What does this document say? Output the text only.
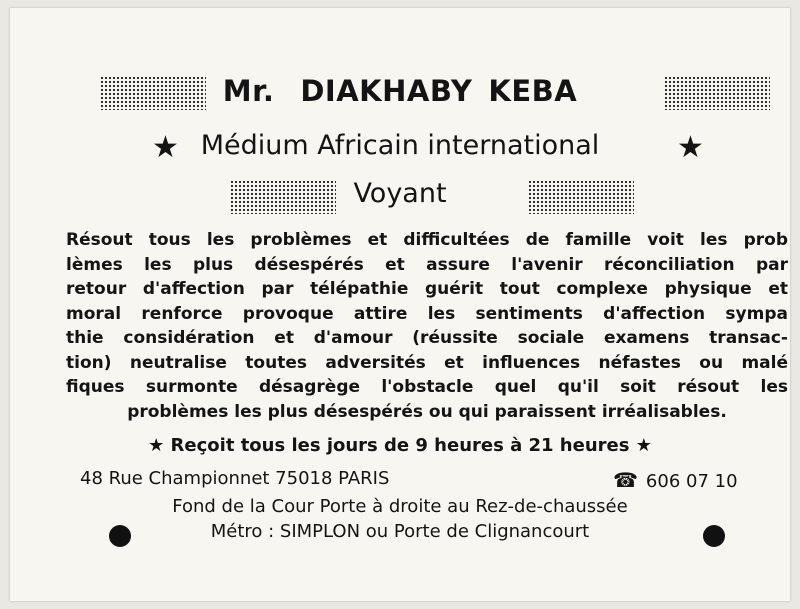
Mr. DIAKHABY KEBA
★	★
Médium Africain international
Voyant
Résout tous les problèmes et difficultées de famille voit les prob
lèmes les plus désespérés et assure l'avenir réconciliation par
retour d'affection par télépathie guérit tout complexe physique et
moral renforce provoque attire les sentiments d'affection sympa
thie considération et d'amour (réussite sociale examens transac-
tion) neutralise toutes adversités et influences néfastes ou malé
fiques surmonte désagrège l'obstacle quel qu'il soit résout les
problèmes les plus désespérés ou qui paraissent irréalisables.
★ Reçoit tous les jours de 9 heures à 21 heures ★
48 Rue Championnet 75018 PARIS	☎ 606 07 10
Fond de la Cour Porte à droite au Rez-de-chaussée
Métro : SIMPLON ou Porte de Clignancourt
